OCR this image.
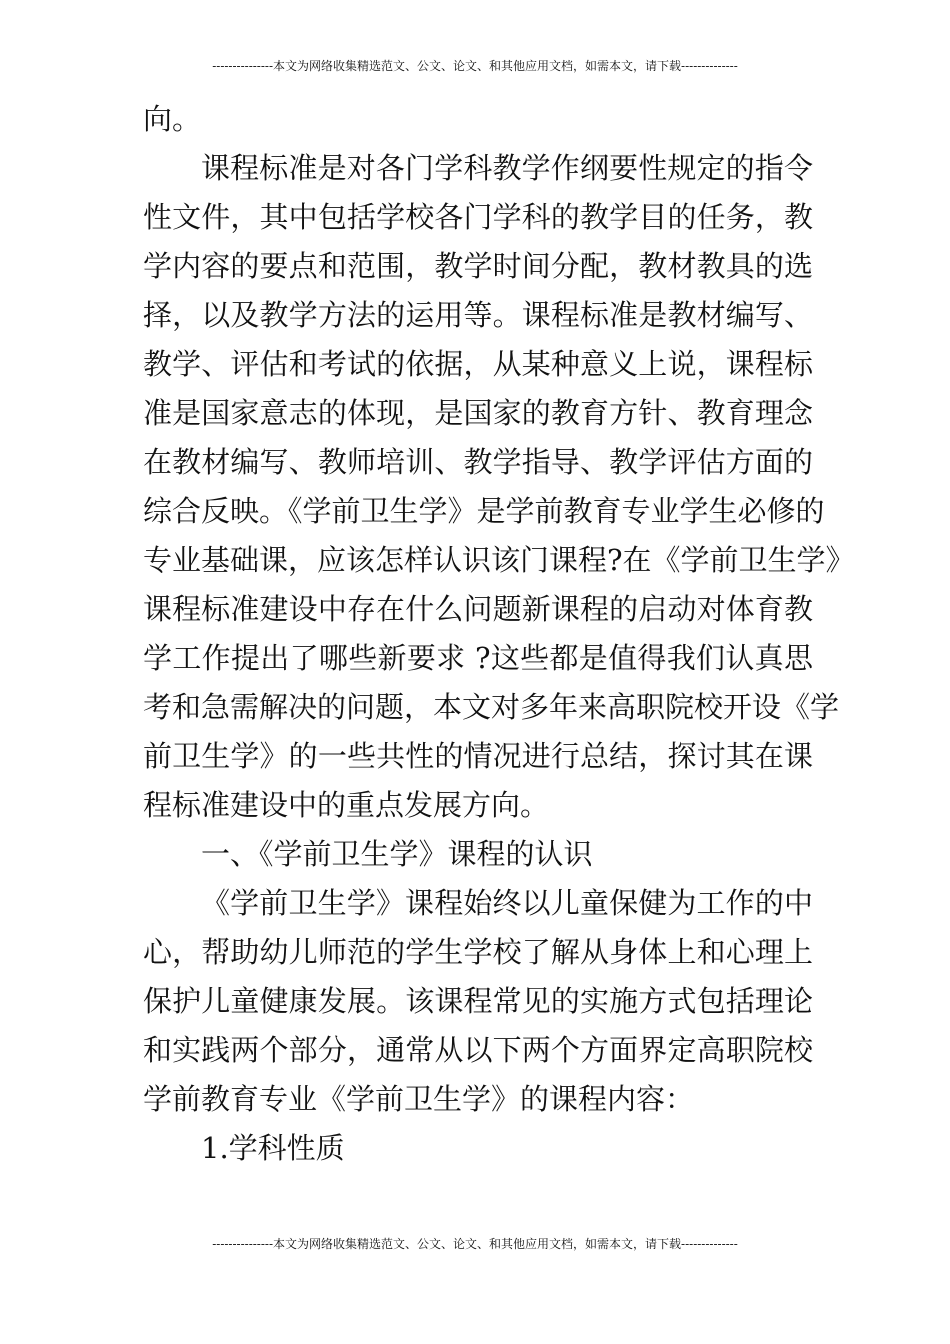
---------------本文为网络收集精选范文、公文、论文、和其他应用文档，如需本文，请下载--------------
向。
课程标准是对各门学科教学作纲要性规定的指令
性文件，其中包括学校各门学科的教学目的任务，教
学内容的要点和范围，教学时间分配，教材教具的选
择，以及教学方法的运用等。课程标准是教材编写、
教学、评估和考试的依据，从某种意义上说，课程标
准是国家意志的体现，是国家的教育方针、教育理念
在教材编写、教师培训、教学指导、教学评估方面的
综合反映。《学前卫生学》是学前教育专业学生必修的
专业基础课，应该怎样认识该门课程?在《学前卫生学》
课程标准建设中存在什么问题新课程的启动对体育教
学工作提出了哪些新要求 ?这些都是值得我们认真思
考和急需解决的问题，本文对多年来高职院校开设《学
前卫生学》的一些共性的情况进行总结，探讨其在课
程标准建设中的重点发展方向。
一、《学前卫生学》课程的认识
《学前卫生学》课程始终以儿童保健为工作的中
心，帮助幼儿师范的学生学校了解从身体上和心理上
保护儿童健康发展。该课程常见的实施方式包括理论
和实践两个部分，通常从以下两个方面界定高职院校
学前教育专业《学前卫生学》的课程内容：
1.学科性质
---------------本文为网络收集精选范文、公文、论文、和其他应用文档，如需本文，请下载--------------
